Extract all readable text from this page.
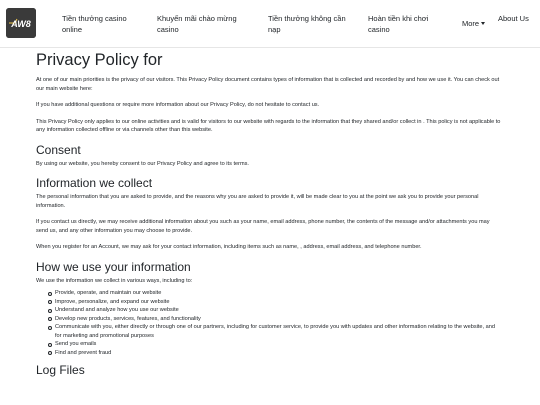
AW8
Tiền thưởng casino online
Khuyến mãi chào mừng casino
Tiền thưởng không cần nạp
Hoàn tiền khi chơi casino
More
About Us
Privacy Policy for

At one of our main priorities is the privacy of our visitors. This Privacy Policy document contains types of information that is collected and recorded by and how we use it. You can check out our main website here:

If you have additional questions or require more information about our Privacy Policy, do not hesitate to contact us.

This Privacy Policy only applies to our online activities and is valid for visitors to our website with regards to the information that they shared and/or collect in . This policy is not applicable to any information collected offline or via channels other than this website.

Consent

By using our website, you hereby consent to our Privacy Policy and agree to its terms.

Information we collect

The personal information that you are asked to provide, and the reasons why you are asked to provide it, will be made clear to you at the point we ask you to provide your personal information.

If you contact us directly, we may receive additional information about you such as your name, email address, phone number, the contents of the message and/or attachments you may send us, and any other information you may choose to provide.

When you register for an Account, we may ask for your contact information, including items such as name, , address, email address, and telephone number.

How we use your information

We use the information we collect in various ways, including to:

Provide, operate, and maintain our website
Improve, personalize, and expand our website
Understand and analyze how you use our website
Develop new products, services, features, and functionality
Communicate with you, either directly or through one of our partners, including for customer service, to provide you with updates and other information relating to the website, and for marketing and promotional purposes
Send you emails
Find and prevent fraud
Log Files
